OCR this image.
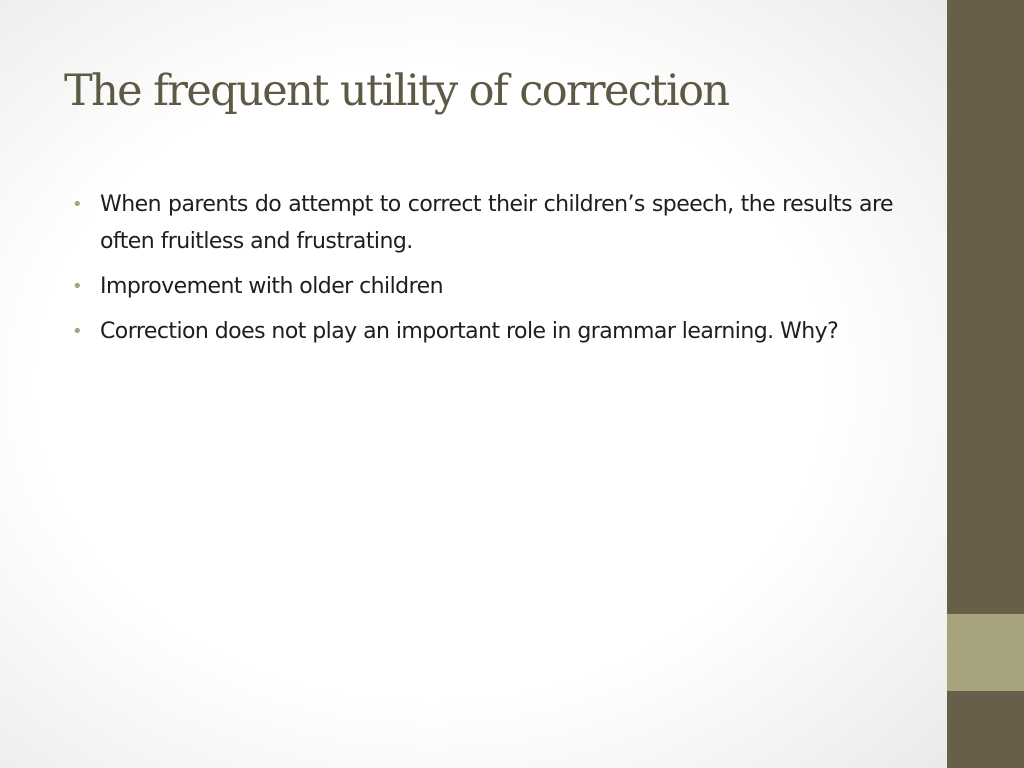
The frequent utility of correction
• When parents do attempt to correct their children’s speech, the results are often fruitless and frustrating.
• Improvement with older children
• Correction does not play an important role in grammar learning. Why?
